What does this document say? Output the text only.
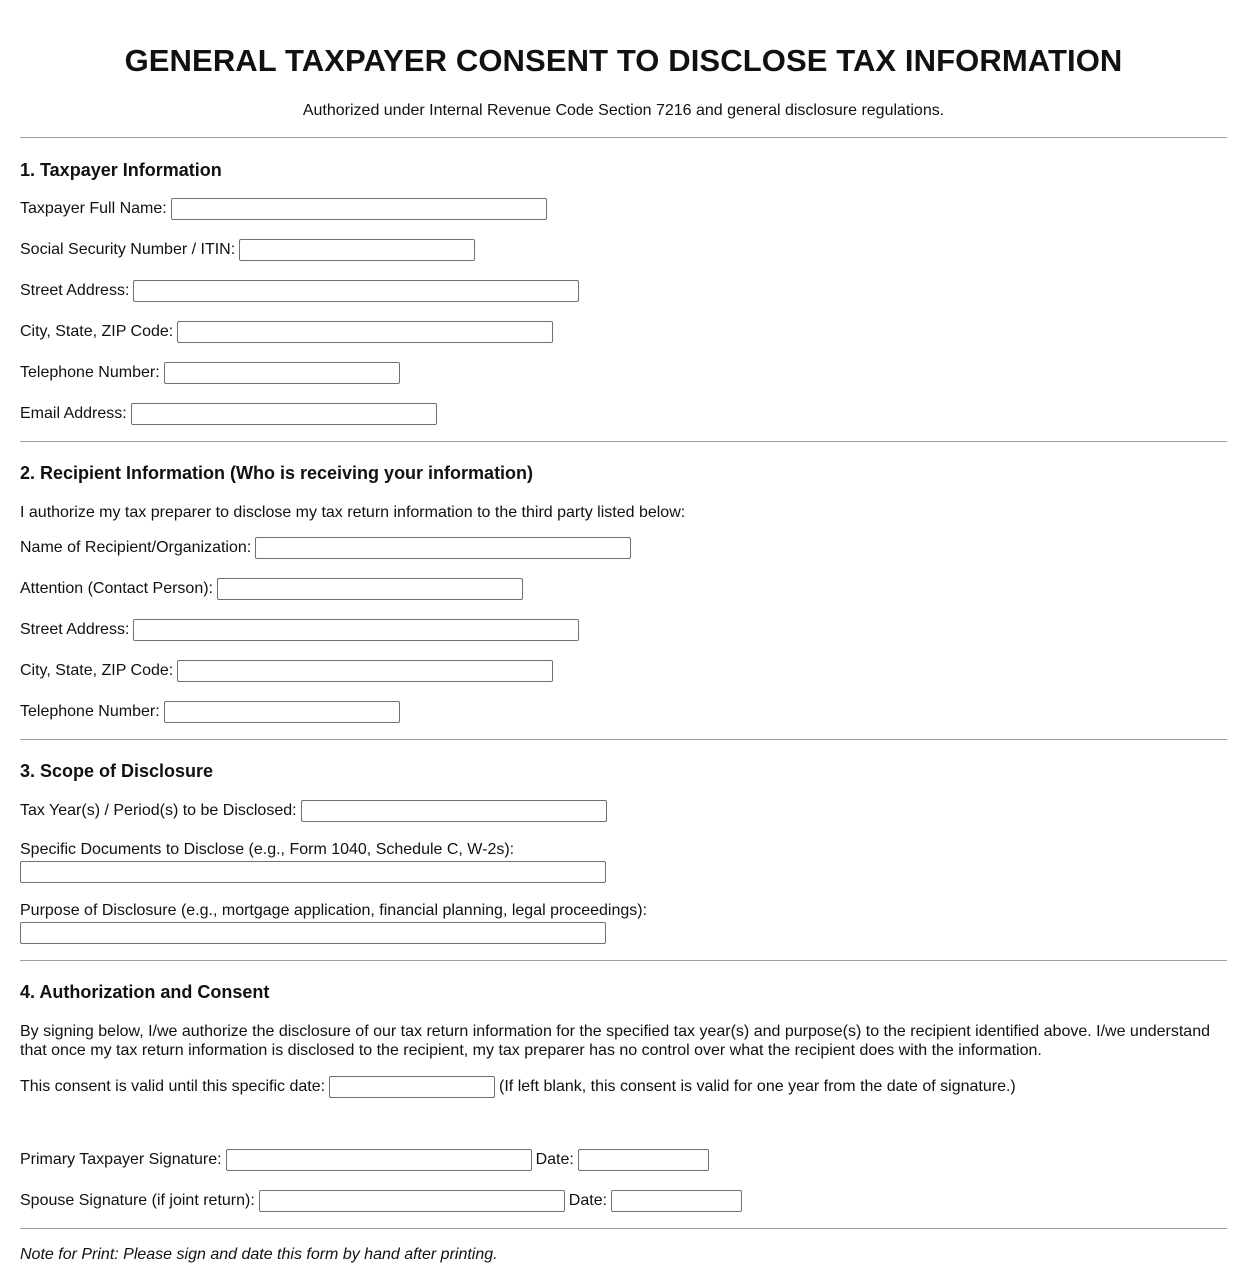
GENERAL TAXPAYER CONSENT TO DISCLOSE TAX INFORMATION
Authorized under Internal Revenue Code Section 7216 and general disclosure regulations.
1. Taxpayer Information
Taxpayer Full Name:
Social Security Number / ITIN:
Street Address:
City, State, ZIP Code:
Telephone Number:
Email Address:
2. Recipient Information (Who is receiving your information)
I authorize my tax preparer to disclose my tax return information to the third party listed below:
Name of Recipient/Organization:
Attention (Contact Person):
Street Address:
City, State, ZIP Code:
Telephone Number:
3. Scope of Disclosure
Tax Year(s) / Period(s) to be Disclosed:
Specific Documents to Disclose (e.g., Form 1040, Schedule C, W-2s):
Purpose of Disclosure (e.g., mortgage application, financial planning, legal proceedings):
4. Authorization and Consent
By signing below, I/we authorize the disclosure of our tax return information for the specified tax year(s) and purpose(s) to the recipient identified above. I/we understand that once my tax return information is disclosed to the recipient, my tax preparer has no control over what the recipient does with the information.
This consent is valid until this specific date:	(If left blank, this consent is valid for one year from the date of signature.)
Primary Taxpayer Signature:	Date:
Spouse Signature (if joint return):	Date:
Note for Print: Please sign and date this form by hand after printing.
